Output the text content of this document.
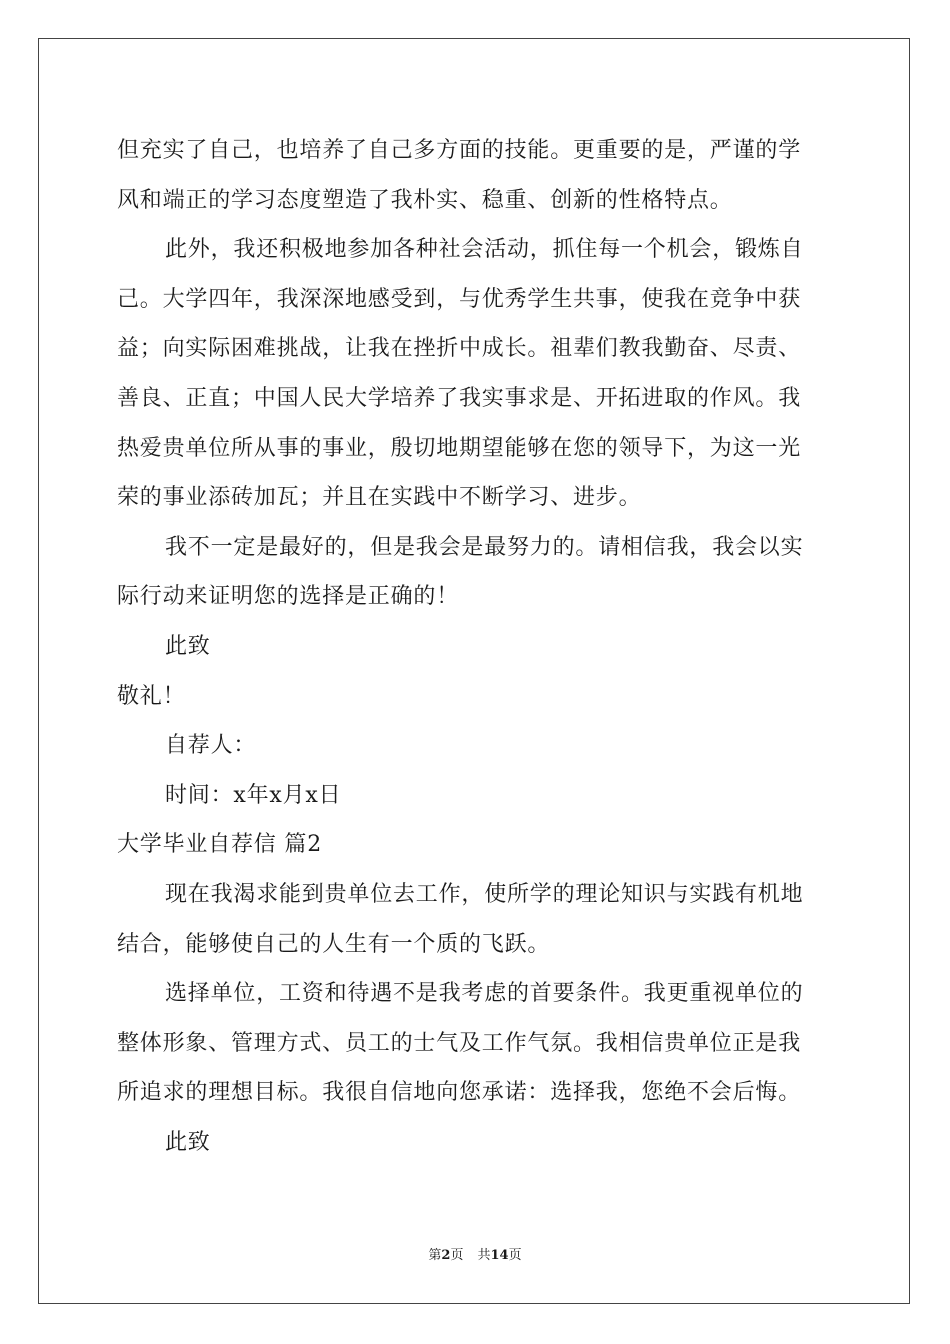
但充实了自己，也培养了自己多方面的技能。更重要的是，严谨的学
风和端正的学习态度塑造了我朴实、稳重、创新的性格特点。
此外，我还积极地参加各种社会活动，抓住每一个机会，锻炼自
己。大学四年，我深深地感受到，与优秀学生共事，使我在竞争中获
益；向实际困难挑战，让我在挫折中成长。祖辈们教我勤奋、尽责、
善良、正直；中国人民大学培养了我实事求是、开拓进取的作风。我
热爱贵单位所从事的事业，殷切地期望能够在您的领导下，为这一光
荣的事业添砖加瓦；并且在实践中不断学习、进步。
我不一定是最好的，但是我会是最努力的。请相信我，我会以实
际行动来证明您的选择是正确的！
此致
敬礼！
自荐人：
时间：x年x月x日
大学毕业自荐信 篇2
现在我渴求能到贵单位去工作，使所学的理论知识与实践有机地
结合，能够使自己的人生有一个质的飞跃。
选择单位，工资和待遇不是我考虑的首要条件。我更重视单位的
整体形象、管理方式、员工的士气及工作气氛。我相信贵单位正是我
所追求的理想目标。我很自信地向您承诺：选择我，您绝不会后悔。
此致
第2页 共14页
